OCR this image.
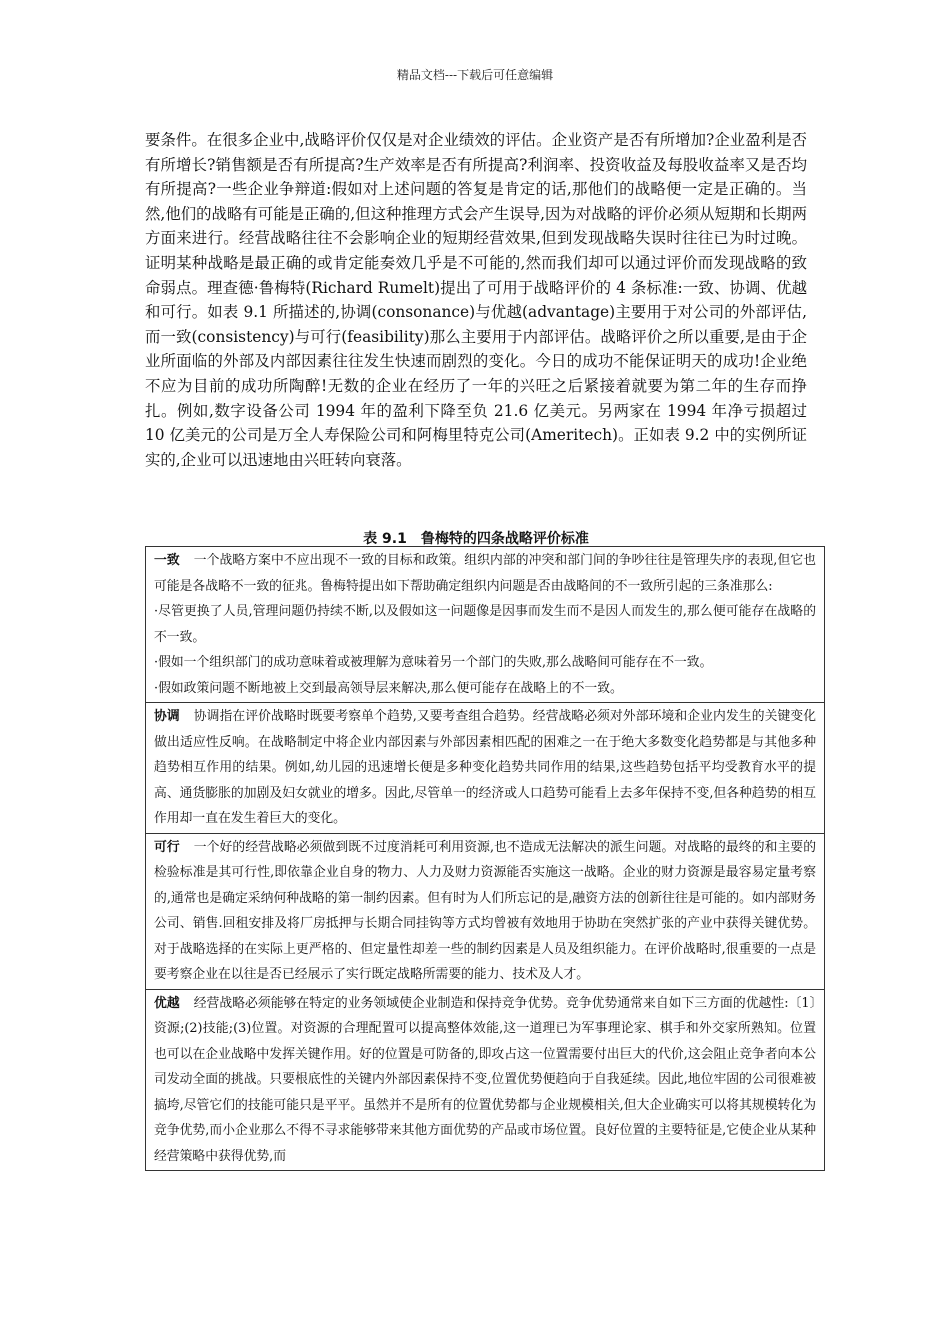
精品文档---下载后可任意编辑

要条件。在很多企业中,战略评价仅仅是对企业绩效的评估。企业资产是否有所增加?企业盈利是否有所增长?销售额是否有所提高?生产效率是否有所提高?利润率、投资收益及每股收益率又是否均有所提高?一些企业争辩道:假如对上述问题的答复是肯定的话,那他们的战略便一定是正确的。当然,他们的战略有可能是正确的,但这种推理方式会产生误导,因为对战略的评价必须从短期和长期两方面来进行。经营战略往往不会影响企业的短期经营效果,但到发现战略失误时往往已为时过晚。证明某种战略是最正确的或肯定能奏效几乎是不可能的,然而我们却可以通过评价而发现战略的致命弱点。理查德·鲁梅特(Richard Rumelt)提出了可用于战略评价的 4 条标准:一致、协调、优越和可行。如表 9.1 所描述的,协调(consonance)与优越(advantage)主要用于对公司的外部评估,而一致(consistency)与可行(feasibility)那么主要用于内部评估。战略评价之所以重要,是由于企业所面临的外部及内部因素往往发生快速而剧烈的变化。今日的成功不能保证明天的成功!企业绝不应为目前的成功所陶醉!无数的企业在经历了一年的兴旺之后紧接着就要为第二年的生存而挣扎。例如,数字设备公司 1994 年的盈利下降至负 21.6 亿美元。另两家在 1994 年净亏损超过 10 亿美元的公司是万全人寿保险公司和阿梅里特克公司(Ameritech)。正如表 9.2 中的实例所证实的,企业可以迅速地由兴旺转向衰落。

表 9.1 鲁梅特的四条战略评价标准

一致 一个战略方案中不应出现不一致的目标和政策。组织内部的冲突和部门间的争吵往往是管理失序的表现,但它也可能是各战略不一致的征兆。鲁梅特提出如下帮助确定组织内问题是否由战略间的不一致所引起的三条准那么:

·尽管更换了人员,管理问题仍持续不断,以及假如这一问题像是因事而发生而不是因人而发生的,那么便可能存在战略的不一致。

·假如一个组织部门的成功意味着或被理解为意味着另一个部门的失败,那么战略间可能存在不一致。

·假如政策问题不断地被上交到最高领导层来解决,那么便可能存在战略上的不一致。

协调 协调指在评价战略时既要考察单个趋势,又要考查组合趋势。经营战略必须对外部环境和企业内发生的关键变化做出适应性反响。在战略制定中将企业内部因素与外部因素相匹配的困难之一在于绝大多数变化趋势都是与其他多种趋势相互作用的结果。例如,幼儿园的迅速增长便是多种变化趋势共同作用的结果,这些趋势包括平均受教育水平的提高、通货膨胀的加剧及妇女就业的增多。因此,尽管单一的经济或人口趋势可能看上去多年保持不变,但各种趋势的相互作用却一直在发生着巨大的变化。

可行 一个好的经营战略必须做到既不过度消耗可利用资源,也不造成无法解决的派生问题。对战略的最终的和主要的检验标准是其可行性,即依靠企业自身的物力、人力及财力资源能否实施这一战略。企业的财力资源是最容易定量考察的,通常也是确定采纳何种战略的第一制约因素。但有时为人们所忘记的是,融资方法的创新往往是可能的。如内部财务公司、销售.回租安排及将厂房抵押与长期合同挂钩等方式均曾被有效地用于协助在突然扩张的产业中获得关键优势。对于战略选择的在实际上更严格的、但定量性却差一些的制约因素是人员及组织能力。在评价战略时,很重要的一点是要考察企业在以往是否已经展示了实行既定战略所需要的能力、技术及人才。

优越 经营战略必须能够在特定的业务领域使企业制造和保持竞争优势。竞争优势通常来自如下三方面的优越性:〔1〕资源;(2)技能;(3)位置。对资源的合理配置可以提高整体效能,这一道理已为军事理论家、棋手和外交家所熟知。位置也可以在企业战略中发挥关键作用。好的位置是可防备的,即攻占这一位置需要付出巨大的代价,这会阻止竞争者向本公司发动全面的挑战。只要根底性的关键内外部因素保持不变,位置优势便趋向于自我延续。因此,地位牢固的公司很难被搞垮,尽管它们的技能可能只是平平。虽然并不是所有的位置优势都与企业规模相关,但大企业确实可以将其规模转化为竞争优势,而小企业那么不得不寻求能够带来其他方面优势的产品或市场位置。良好位置的主要特征是,它使企业从某种经营策略中获得优势,而
